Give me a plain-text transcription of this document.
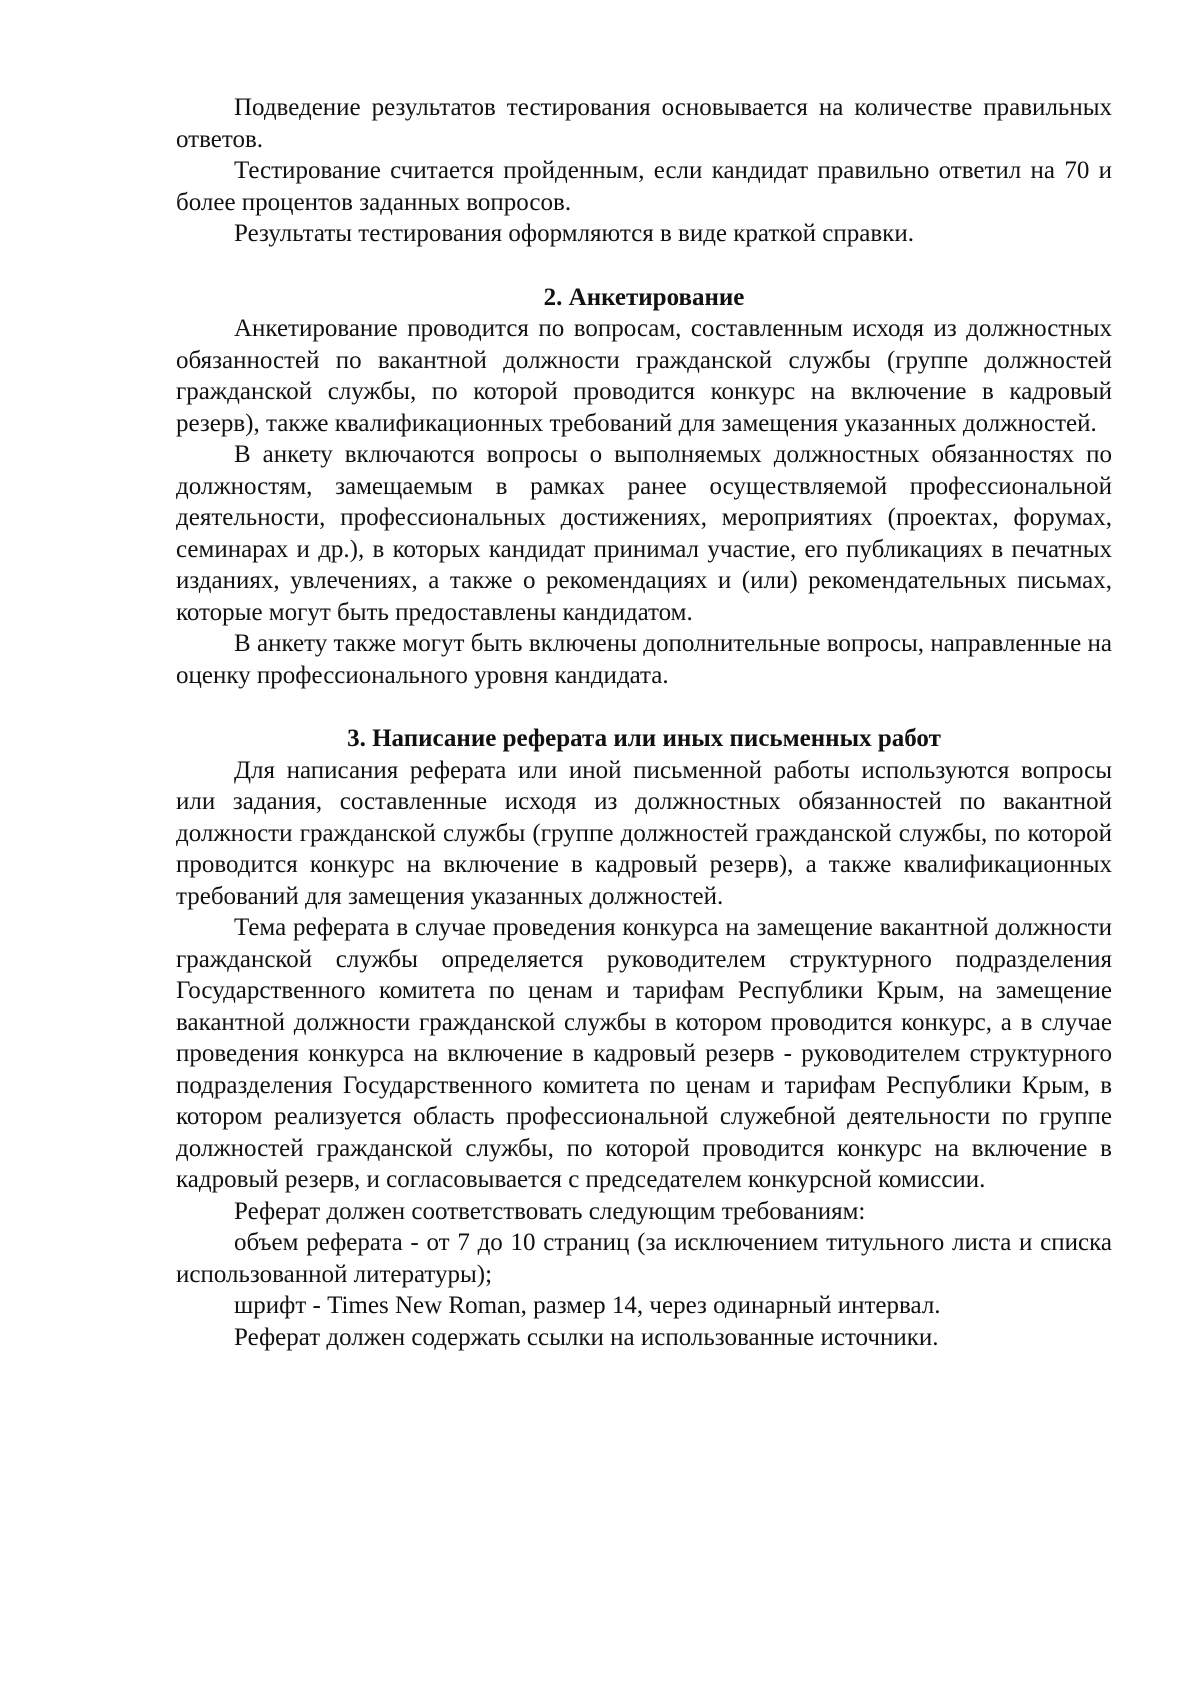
Подведение результатов тестирования основывается на количестве правильных ответов.

Тестирование считается пройденным, если кандидат правильно ответил на 70 и более процентов заданных вопросов.

Результаты тестирования оформляются в виде краткой справки.

2. Анкетирование

Анкетирование проводится по вопросам, составленным исходя из должностных обязанностей по вакантной должности гражданской службы (группе должностей гражданской службы, по которой проводится конкурс на включение в кадровый резерв), также квалификационных требований для замещения указанных должностей.

В анкету включаются вопросы о выполняемых должностных обязанностях по должностям, замещаемым в рамках ранее осуществляемой профессиональной деятельности, профессиональных достижениях, мероприятиях (проектах, форумах, семинарах и др.), в которых кандидат принимал участие, его публикациях в печатных изданиях, увлечениях, а также о рекомендациях и (или) рекомендательных письмах, которые могут быть предоставлены кандидатом.

В анкету также могут быть включены дополнительные вопросы, направленные на оценку профессионального уровня кандидата.

3. Написание реферата или иных письменных работ

Для написания реферата или иной письменной работы используются вопросы или задания, составленные исходя из должностных обязанностей по вакантной должности гражданской службы (группе должностей гражданской службы, по которой проводится конкурс на включение в кадровый резерв), а также квалификационных требований для замещения указанных должностей.

Тема реферата в случае проведения конкурса на замещение вакантной должности гражданской службы определяется руководителем структурного подразделения Государственного комитета по ценам и тарифам Республики Крым, на замещение вакантной должности гражданской службы в котором проводится конкурс, а в случае проведения конкурса на включение в кадровый резерв - руководителем структурного подразделения Государственного комитета по ценам и тарифам Республики Крым, в котором реализуется область профессиональной служебной деятельности по группе должностей гражданской службы, по которой проводится конкурс на включение в кадровый резерв, и согласовывается с председателем конкурсной комиссии.

Реферат должен соответствовать следующим требованиям:

объем реферата - от 7 до 10 страниц (за исключением титульного листа и списка использованной литературы);

шрифт - Times New Roman, размер 14, через одинарный интервал.

Реферат должен содержать ссылки на использованные источники.
